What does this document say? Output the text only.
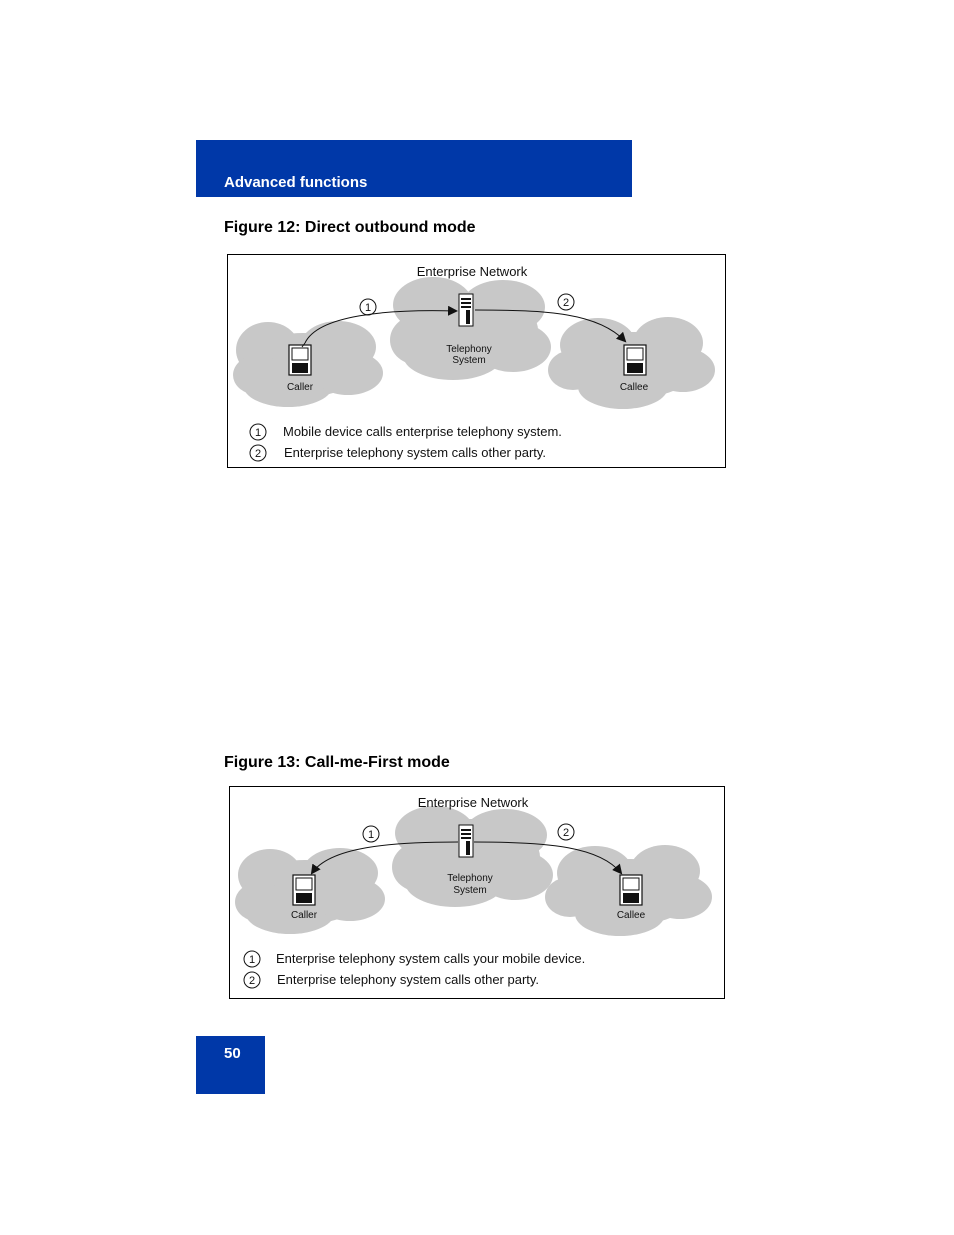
Advanced functions
Figure 12: Direct outbound mode
Enterprise Network
Telephony
System
Caller	Callee
1	2
1 Mobile device calls enterprise telephony system.
2 Enterprise telephony system calls other party.
Figure 13: Call-me-First mode
Enterprise Network
Telephony
System
Caller	Callee
1	2
1 Enterprise telephony system calls your mobile device.
2 Enterprise telephony system calls other party.
50
